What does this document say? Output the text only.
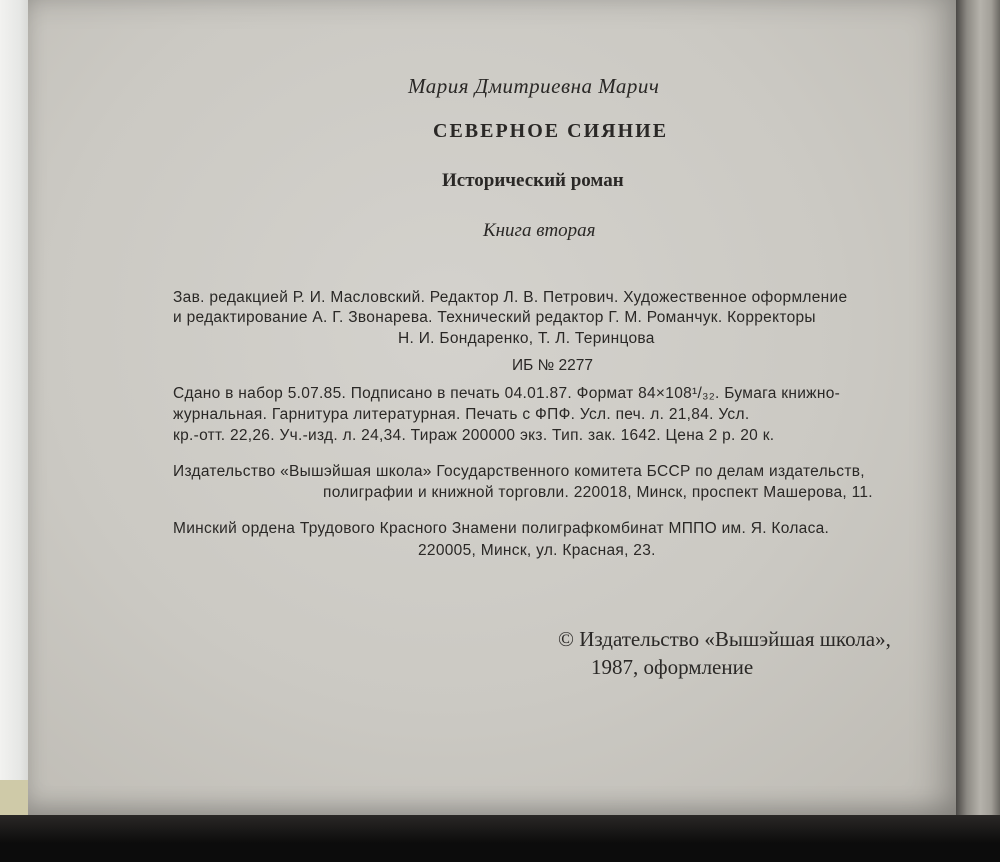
Мария Дмитриевна Марич
СЕВЕРНОЕ СИЯНИЕ
Исторический роман
Книга вторая
Зав. редакцией Р. И. Масловский. Редактор Л. В. Петрович. Художественное оформление
и редактирование А. Г. Звонарева. Технический редактор Г. М. Романчук. Корректоры
Н. И. Бондаренко, Т. Л. Теринцова
ИБ № 2277
Сдано в набор 5.07.85. Подписано в печать 04.01.87. Формат 84×108¹/₃₂. Бумага книжно-
журнальная. Гарнитура литературная. Печать с ФПФ. Усл. печ. л. 21,84. Усл.
кр.-отт. 22,26. Уч.-изд. л. 24,34. Тираж 200000 экз. Тип. зак. 1642. Цена 2 р. 20 к.
Издательство «Вышэйшая школа» Государственного комитета БССР по делам издательств,
полиграфии и книжной торговли. 220018, Минск, проспект Машерова, 11.
Минский ордена Трудового Красного Знамени полиграфкомбинат МППО им. Я. Коласа.
220005, Минск, ул. Красная, 23.
© Издательство «Вышэйшая школа»,
1987, оформление
